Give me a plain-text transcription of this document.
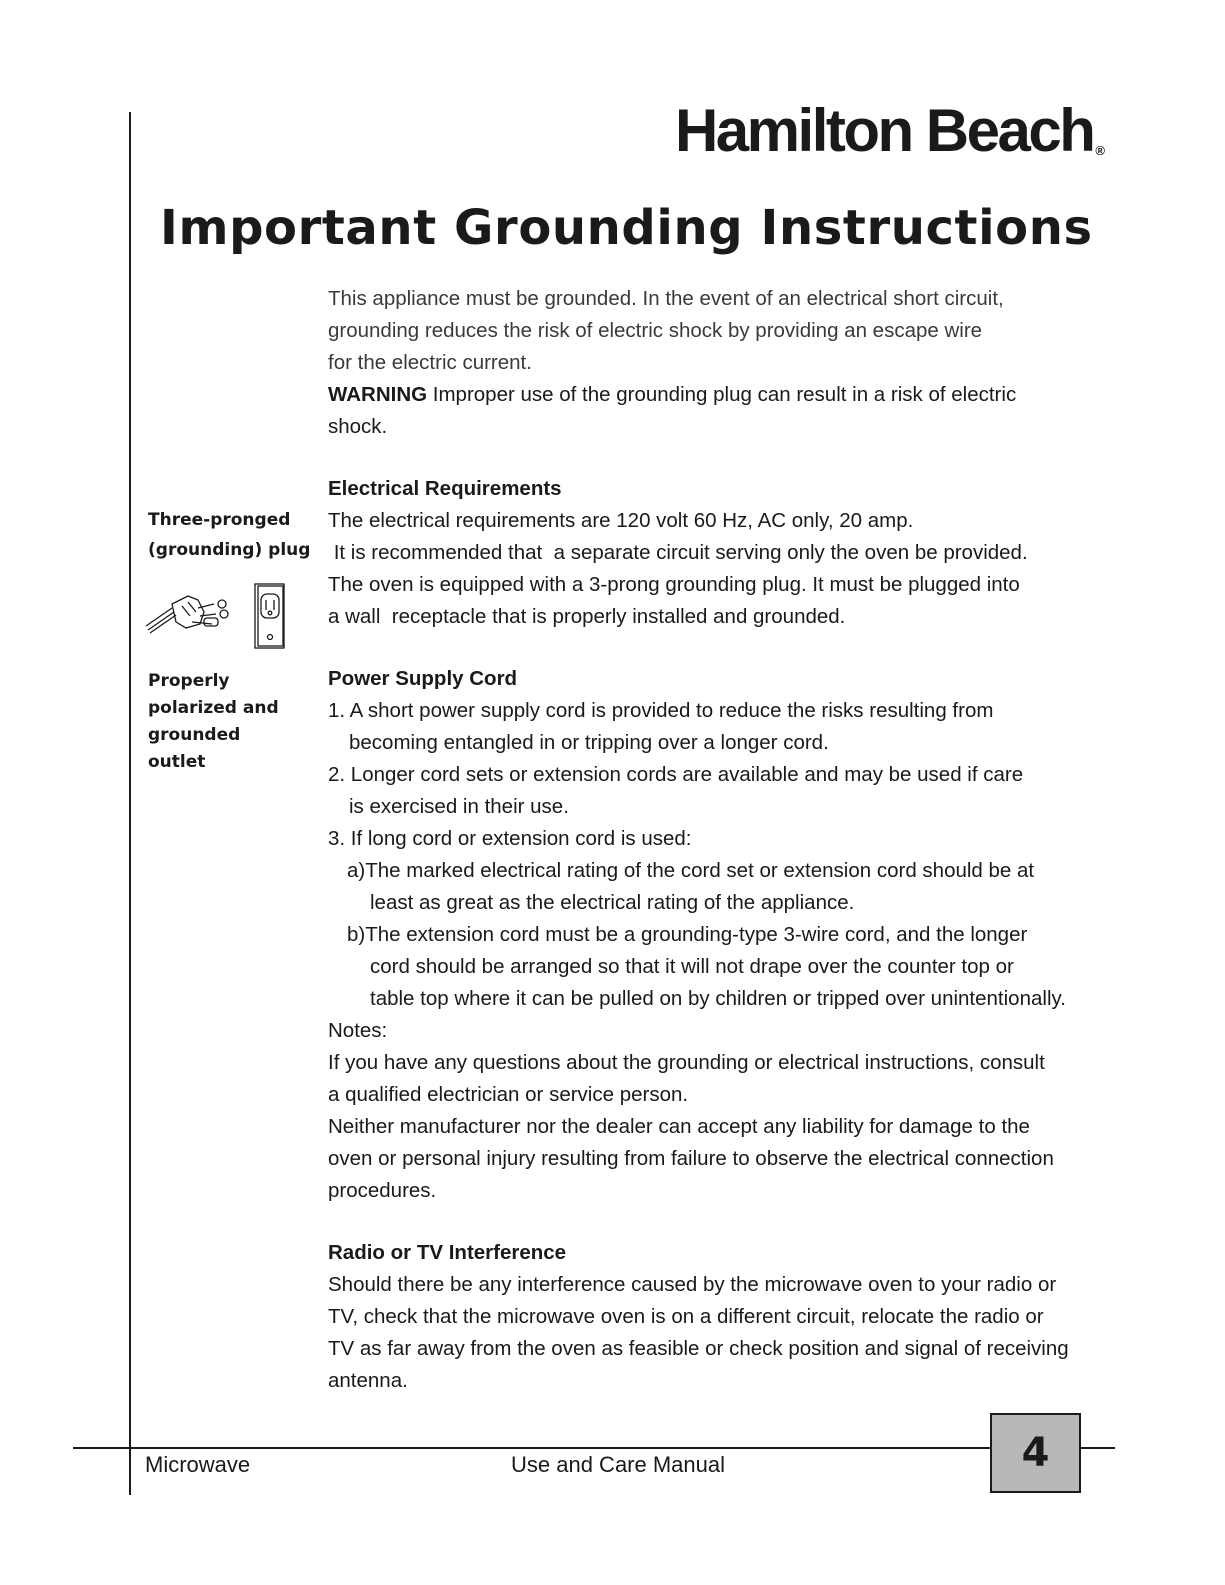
Hamilton Beach ®
Important Grounding Instructions
Three-pronged
(grounding) plug
Properly
polarized and
grounded
outlet

This appliance must be grounded. In the event of an electrical short circuit,

grounding reduces the risk of electric shock by providing an escape wire

for the electric current.

WARNING Improper use of the grounding plug can result in a risk of electric

shock.

Electrical Requirements

The electrical requirements are 120 volt 60 Hz, AC only, 20 amp.

It is recommended that  a separate circuit serving only the oven be provided.

The oven is equipped with a 3-prong grounding plug. It must be plugged into

a wall  receptacle that is properly installed and grounded.

Power Supply Cord

1. A short power supply cord is provided to reduce the risks resulting from

becoming entangled in or tripping over a longer cord.

2. Longer cord sets or extension cords are available and may be used if care

is exercised in their use.

3. If long cord or extension cord is used:

a)The marked electrical rating of the cord set or extension cord should be at

least as great as the electrical rating of the appliance.

b)The extension cord must be a grounding-type 3-wire cord, and the longer

cord should be arranged so that it will not drape over the counter top or

table top where it can be pulled on by children or tripped over unintentionally.

Notes:

If you have any questions about the grounding or electrical instructions, consult

a qualified electrician or service person.

Neither manufacturer nor the dealer can accept any liability for damage to the

oven or personal injury resulting from failure to observe the electrical connection

procedures.

Radio or TV Interference

Should there be any interference caused by the microwave oven to your radio or

TV, check that the microwave oven is on a different circuit, relocate the radio or

TV as far away from the oven as feasible or check position and signal of receiving

antenna.

Microwave	Use and Care Manual	4
